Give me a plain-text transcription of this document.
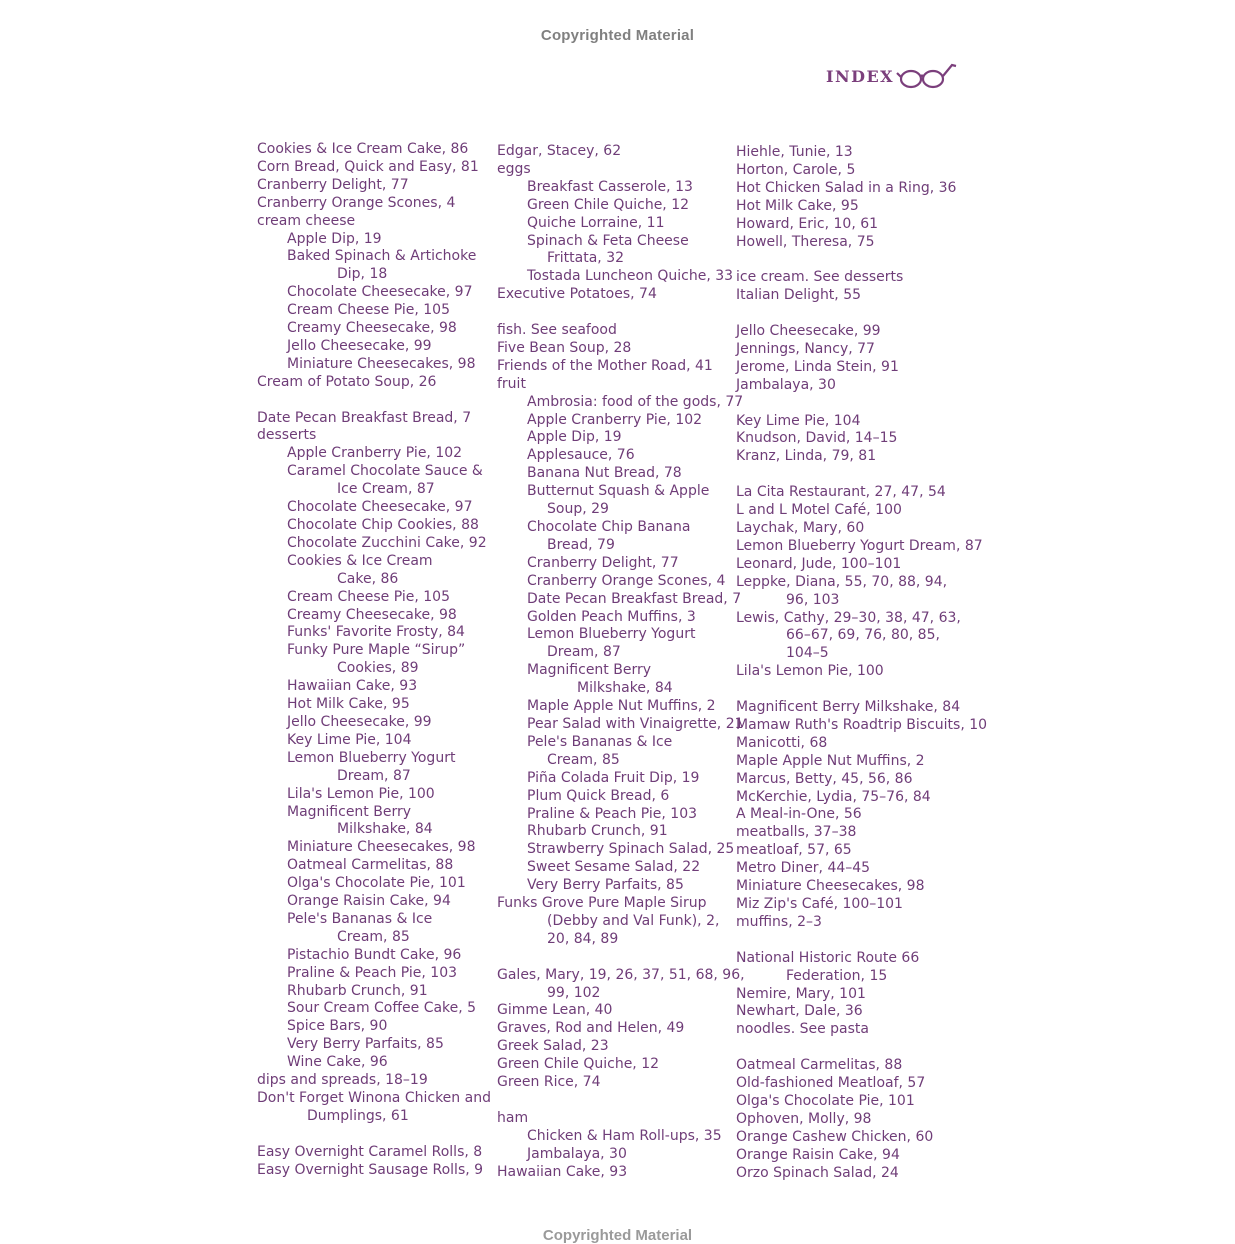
Copyrighted Material
INDEX
Cookies & Ice Cream Cake, 86
Corn Bread, Quick and Easy, 81
Cranberry Delight, 77
Cranberry Orange Scones, 4
cream cheese
Apple Dip, 19
Baked Spinach & Artichoke
Dip, 18
Chocolate Cheesecake, 97
Cream Cheese Pie, 105
Creamy Cheesecake, 98
Jello Cheesecake, 99
Miniature Cheesecakes, 98
Cream of Potato Soup, 26
Date Pecan Breakfast Bread, 7
desserts
Apple Cranberry Pie, 102
Caramel Chocolate Sauce &
Ice Cream, 87
Chocolate Cheesecake, 97
Chocolate Chip Cookies, 88
Chocolate Zucchini Cake, 92
Cookies & Ice Cream
Cake, 86
Cream Cheese Pie, 105
Creamy Cheesecake, 98
Funks' Favorite Frosty, 84
Funky Pure Maple “Sirup”
Cookies, 89
Hawaiian Cake, 93
Hot Milk Cake, 95
Jello Cheesecake, 99
Key Lime Pie, 104
Lemon Blueberry Yogurt
Dream, 87
Lila's Lemon Pie, 100
Magnificent Berry
Milkshake, 84
Miniature Cheesecakes, 98
Oatmeal Carmelitas, 88
Olga's Chocolate Pie, 101
Orange Raisin Cake, 94
Pele's Bananas & Ice
Cream, 85
Pistachio Bundt Cake, 96
Praline & Peach Pie, 103
Rhubarb Crunch, 91
Sour Cream Coffee Cake, 5
Spice Bars, 90
Very Berry Parfaits, 85
Wine Cake, 96
dips and spreads, 18–19
Don't Forget Winona Chicken and
Dumplings, 61
Easy Overnight Caramel Rolls, 8
Easy Overnight Sausage Rolls, 9
Edgar, Stacey, 62
eggs
Breakfast Casserole, 13
Green Chile Quiche, 12
Quiche Lorraine, 11
Spinach & Feta Cheese
Frittata, 32
Tostada Luncheon Quiche, 33
Executive Potatoes, 74
fish. See seafood
Five Bean Soup, 28
Friends of the Mother Road, 41
fruit
Ambrosia: food of the gods, 77
Apple Cranberry Pie, 102
Apple Dip, 19
Applesauce, 76
Banana Nut Bread, 78
Butternut Squash & Apple
Soup, 29
Chocolate Chip Banana
Bread, 79
Cranberry Delight, 77
Cranberry Orange Scones, 4
Date Pecan Breakfast Bread, 7
Golden Peach Muffins, 3
Lemon Blueberry Yogurt
Dream, 87
Magnificent Berry
Milkshake, 84
Maple Apple Nut Muffins, 2
Pear Salad with Vinaigrette, 21
Pele's Bananas & Ice
Cream, 85
Piña Colada Fruit Dip, 19
Plum Quick Bread, 6
Praline & Peach Pie, 103
Rhubarb Crunch, 91
Strawberry Spinach Salad, 25
Sweet Sesame Salad, 22
Very Berry Parfaits, 85
Funks Grove Pure Maple Sirup
(Debby and Val Funk), 2,
20, 84, 89
Gales, Mary, 19, 26, 37, 51, 68, 96,
99, 102
Gimme Lean, 40
Graves, Rod and Helen, 49
Greek Salad, 23
Green Chile Quiche, 12
Green Rice, 74
ham
Chicken & Ham Roll-ups, 35
Jambalaya, 30
Hawaiian Cake, 93
Hiehle, Tunie, 13
Horton, Carole, 5
Hot Chicken Salad in a Ring, 36
Hot Milk Cake, 95
Howard, Eric, 10, 61
Howell, Theresa, 75
ice cream. See desserts
Italian Delight, 55
Jello Cheesecake, 99
Jennings, Nancy, 77
Jerome, Linda Stein, 91
Jambalaya, 30
Key Lime Pie, 104
Knudson, David, 14–15
Kranz, Linda, 79, 81
La Cita Restaurant, 27, 47, 54
L and L Motel Café, 100
Laychak, Mary, 60
Lemon Blueberry Yogurt Dream, 87
Leonard, Jude, 100–101
Leppke, Diana, 55, 70, 88, 94,
96, 103
Lewis, Cathy, 29–30, 38, 47, 63,
66–67, 69, 76, 80, 85,
104–5
Lila's Lemon Pie, 100
Magnificent Berry Milkshake, 84
Mamaw Ruth's Roadtrip Biscuits, 10
Manicotti, 68
Maple Apple Nut Muffins, 2
Marcus, Betty, 45, 56, 86
McKerchie, Lydia, 75–76, 84
A Meal-in-One, 56
meatballs, 37–38
meatloaf, 57, 65
Metro Diner, 44–45
Miniature Cheesecakes, 98
Miz Zip's Café, 100–101
muffins, 2–3
National Historic Route 66
Federation, 15
Nemire, Mary, 101
Newhart, Dale, 36
noodles. See pasta
Oatmeal Carmelitas, 88
Old-fashioned Meatloaf, 57
Olga's Chocolate Pie, 101
Ophoven, Molly, 98
Orange Cashew Chicken, 60
Orange Raisin Cake, 94
Orzo Spinach Salad, 24
Copyrighted Material
